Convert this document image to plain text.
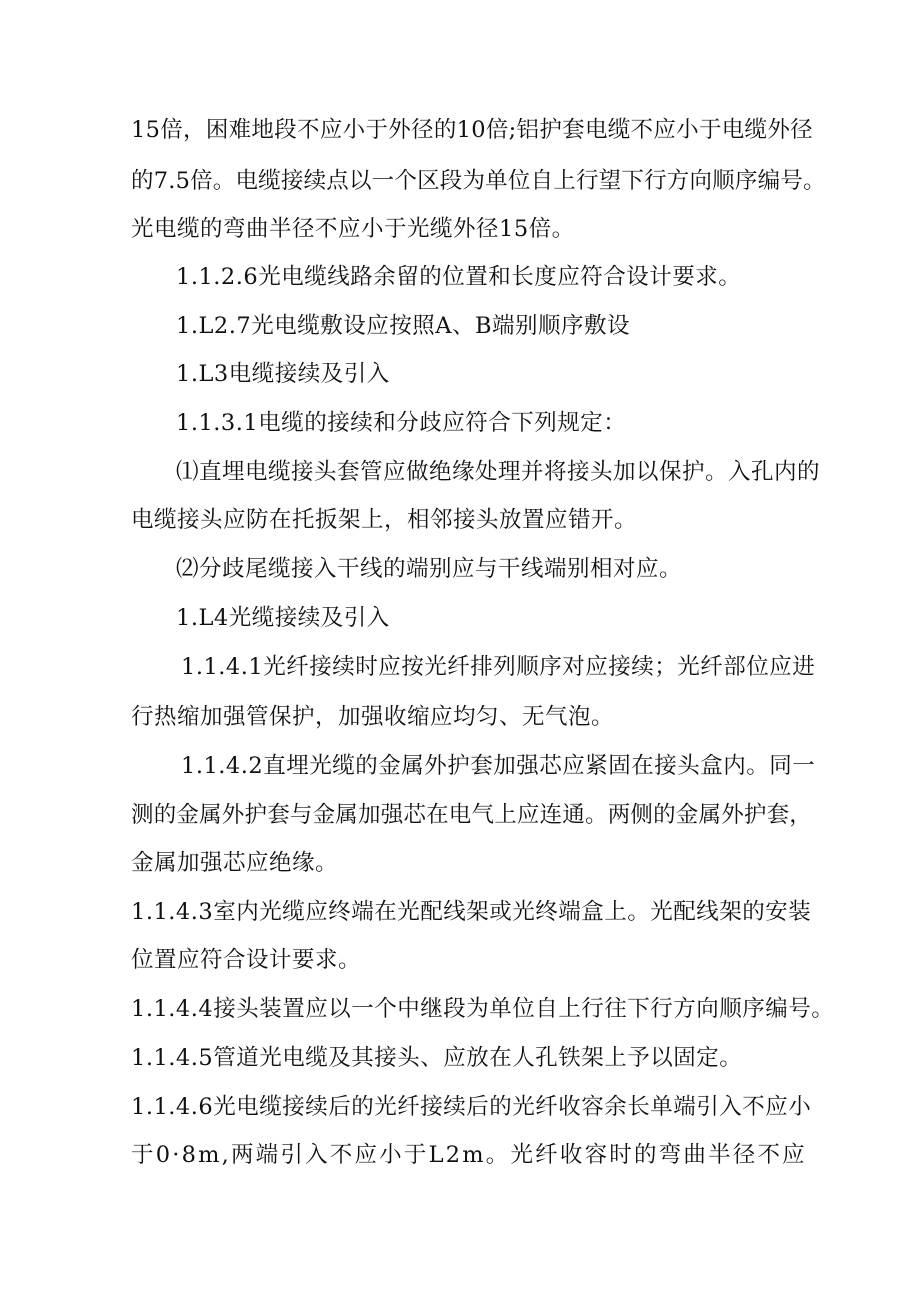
15倍，困难地段不应小于外径的10倍;铝护套电缆不应小于电缆外径
的7.5倍。电缆接续点以一个区段为单位自上行望下行方向顺序编号。
光电缆的弯曲半径不应小于光缆外径15倍。
1.1.2.6光电缆线路余留的位置和长度应符合设计要求。
1.L2.7光电缆敷设应按照A、B端别顺序敷设
1.L3电缆接续及引入
1.1.3.1电缆的接续和分歧应符合下列规定：
⑴直埋电缆接头套管应做绝缘处理并将接头加以保护。入孔内的
电缆接头应防在托扳架上，相邻接头放置应错开。
⑵分歧尾缆接入干线的端别应与干线端别相对应。
1.L4光缆接续及引入
1.1.4.1光纤接续时应按光纤排列顺序对应接续；光纤部位应进
行热缩加强管保护，加强收缩应均匀、无气泡。
1.1.4.2直埋光缆的金属外护套加强芯应紧固在接头盒内。同一
测的金属外护套与金属加强芯在电气上应连通。两侧的金属外护套，
金属加强芯应绝缘。
1.1.4.3室内光缆应终端在光配线架或光终端盒上。光配线架的安装
位置应符合设计要求。
1.1.4.4接头装置应以一个中继段为单位自上行往下行方向顺序编号。
1.1.4.5管道光电缆及其接头、应放在人孔铁架上予以固定。
1.1.4.6光电缆接续后的光纤接续后的光纤收容余长单端引入不应小
于0·8m,两端引入不应小于L2m。光纤收容时的弯曲半径不应
